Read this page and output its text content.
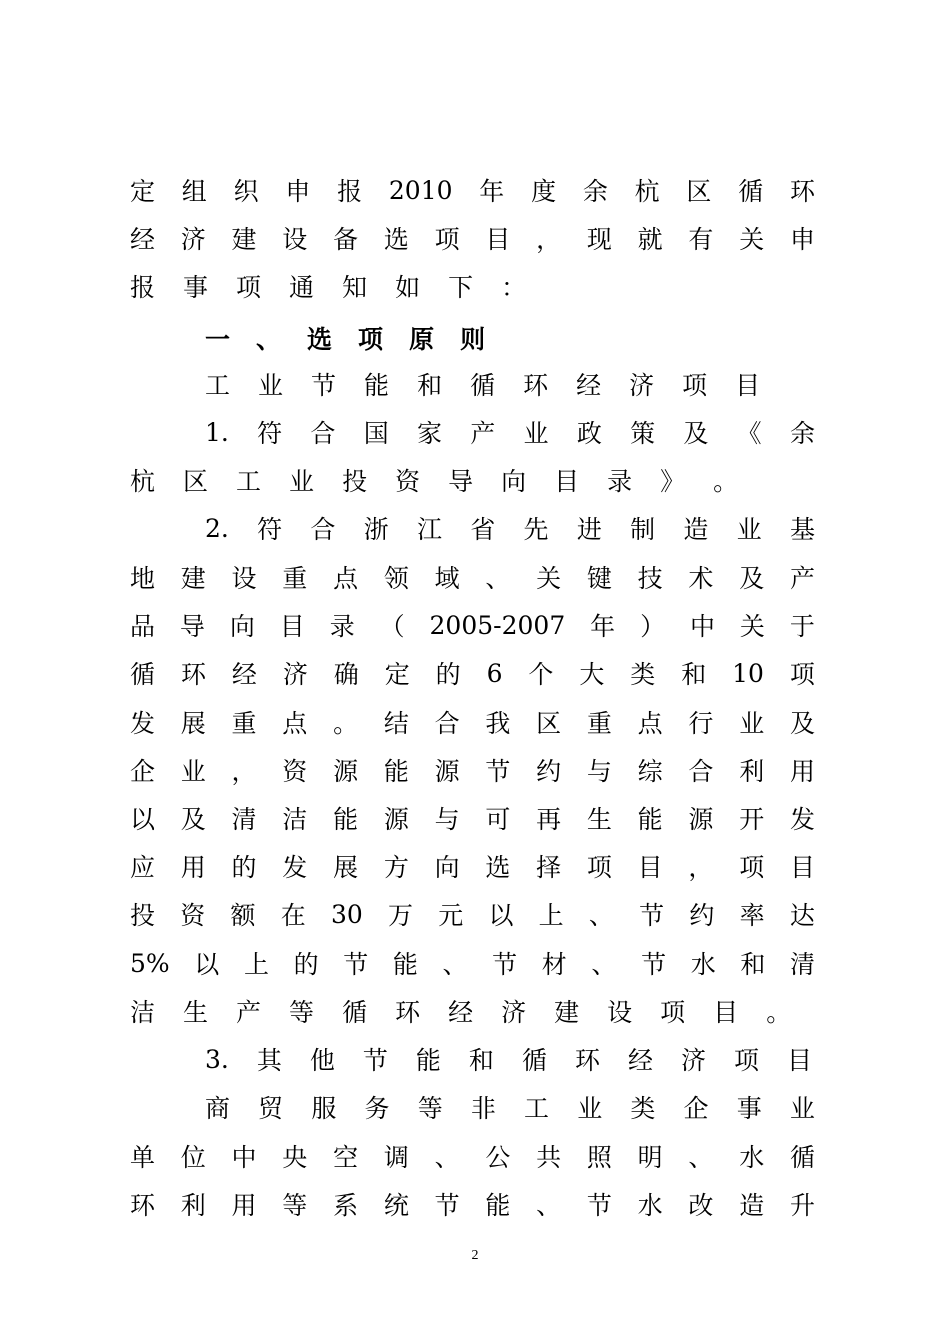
定 组 织 申 报 2010 年 度 余 杭 区 循 环
经 济 建 设 备 选 项 目 ， 现 就 有 关 申
报 事 项 通 知 如 下 ：
一 、 选 项 原 则
工 业 节 能 和 循 环 经 济 项 目
1. 符 合 国 家 产 业 政 策 及 《 余
杭 区 工 业 投 资 导 向 目 录 》 。
2. 符 合 浙 江 省 先 进 制 造 业 基
地 建 设 重 点 领 域 、 关 键 技 术 及 产
品 导 向 目 录 （ 2005-2007 年 ） 中 关 于
循 环 经 济 确 定 的 6 个 大 类 和 10 项
发 展 重 点 。 结 合 我 区 重 点 行 业 及
企 业 ， 资 源 能 源 节 约 与 综 合 利 用
以 及 清 洁 能 源 与 可 再 生 能 源 开 发
应 用 的 发 展 方 向 选 择 项 目 ， 项 目
投 资 额 在 30 万 元 以 上 、 节 约 率 达
5% 以 上 的 节 能 、 节 材 、 节 水 和 清
洁 生 产 等 循 环 经 济 建 设 项 目 。
3. 其 他 节 能 和 循 环 经 济 项 目
商 贸 服 务 等 非 工 业 类 企 事 业
单 位 中 央 空 调 、 公 共 照 明 、 水 循
环 利 用 等 系 统 节 能 、 节 水 改 造 升
2
